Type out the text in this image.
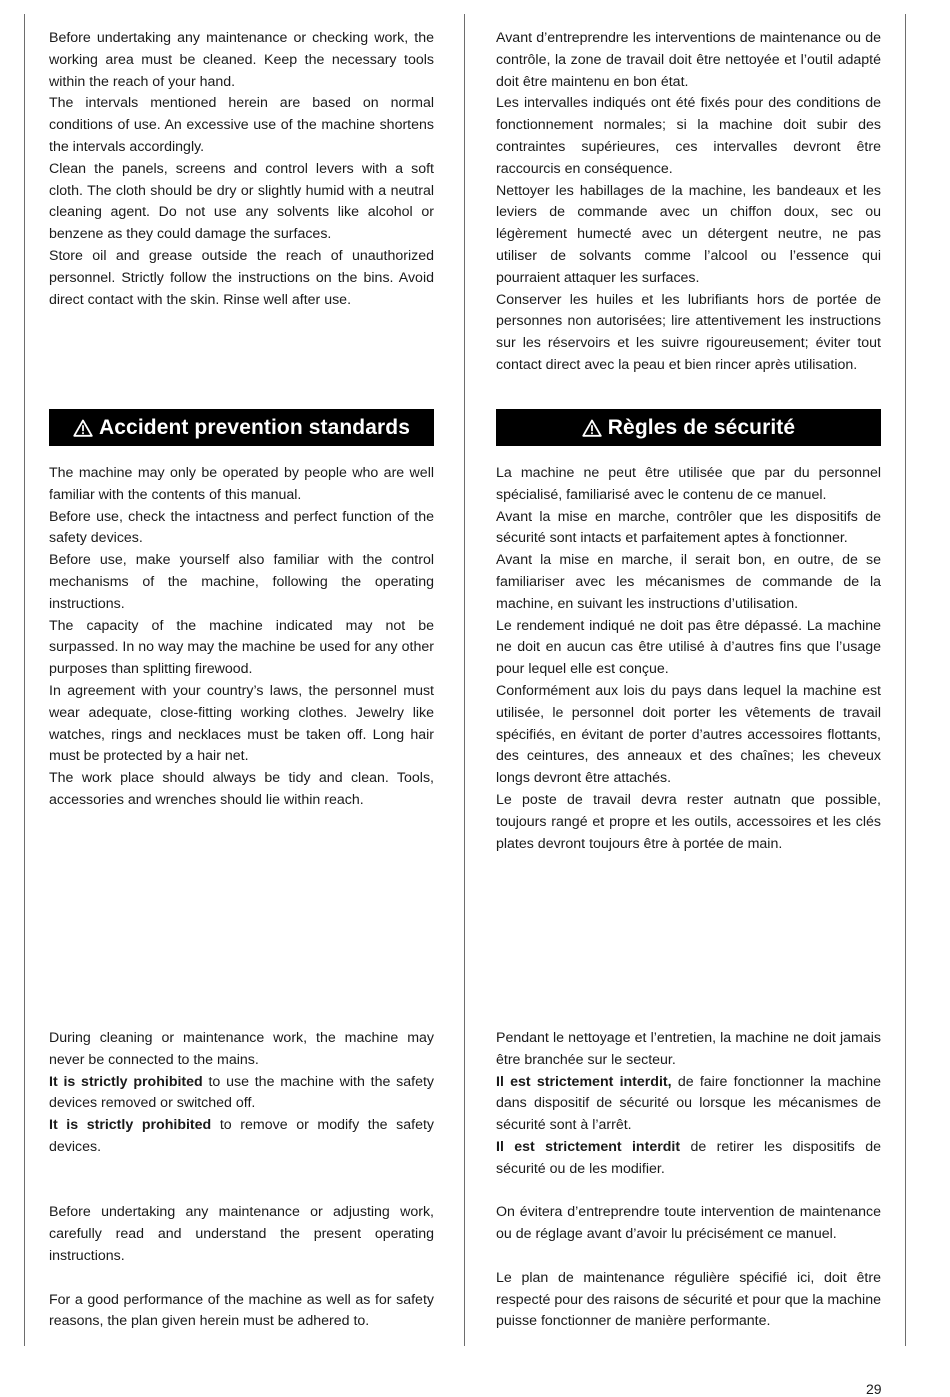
Before undertaking any maintenance or checking work, the working area must be cleaned. Keep the necessary tools within the reach of your hand.

The intervals mentioned herein are based on normal conditions of use. An excessive use of the machine shortens the intervals accordingly.

Clean the panels, screens and control levers with a soft cloth. The cloth should be dry or slightly humid with a neutral cleaning agent. Do not use any solvents like alcohol or benzene as they could damage the surfaces.

Store oil and grease outside the reach of unauthorized personnel. Strictly follow the instructions on the bins. Avoid direct contact with the skin. Rinse well after use.

Accident prevention standards

The machine may only be operated by people who are well familiar with the contents of this manual.

Before use, check the intactness and perfect function of the safety devices.

Before use, make yourself also familiar with the control mechanisms of the machine, following the operating instructions.

The capacity of the machine indicated may not be surpassed. In no way may the machine be used for any other purposes than splitting firewood.

In agreement with your country’s laws, the personnel must wear adequate, close-fitting working clothes. Jewelry like watches, rings and necklaces must be taken off. Long hair must be protected by a hair net.

The work place should always be tidy and clean. Tools, accessories and wrenches should lie within reach.

During cleaning or maintenance work, the machine may never be connected to the mains.

It is strictly prohibited to use the machine with the safety devices removed or switched off.

It is strictly prohibited to remove or modify the safety devices.

Before undertaking any maintenance or adjusting work, carefully read and understand the present operating instructions.

For a good performance of the machine as well as for safety reasons, the plan given herein must be adhered to.

Avant d’entreprendre les interventions de maintenance ou de contrôle, la zone de travail doit être nettoyée et l’outil adapté doit être maintenu en bon état.

Les intervalles indiqués ont été fixés pour des conditions de fonctionnement normales; si la machine doit subir des contraintes supérieures, ces intervalles devront être raccourcis en conséquence.

Nettoyer les habillages de la machine, les bandeaux et les leviers de commande avec un chiffon doux, sec ou légèrement humecté avec un détergent neutre, ne pas utiliser de solvants comme l’alcool ou l’essence qui pourraient attaquer les surfaces.

Conserver les huiles et les lubrifiants hors de portée de personnes non autorisées; lire attentivement les instructions sur les réservoirs et les suivre rigoureusement; éviter tout contact direct avec la peau et bien rincer après utilisation.

Règles de sécurité

La machine ne peut être utilisée que par du personnel spécialisé, familiarisé avec le contenu de ce manuel.

Avant la mise en marche, contrôler que les dispositifs de sécurité sont intacts et parfaitement aptes à fonctionner.

Avant la mise en marche, il serait bon, en outre, de se familiariser avec les mécanismes de commande de la machine, en suivant les instructions d’utilisation.

Le rendement indiqué ne doit pas être dépassé. La machine ne doit en aucun cas être utilisé à d’autres fins que l’usage pour lequel elle est conçue.

Conformément aux lois du pays dans lequel la machine est utilisée, le personnel doit porter les vêtements de travail spécifiés, en évitant de porter d’autres accessoires flottants, des ceintures, des anneaux et des chaînes; les cheveux longs devront être attachés.

Le poste de travail devra rester autnatn que possible, toujours rangé et propre et les outils, accessoires et les clés plates devront toujours être à portée de main.

Pendant le nettoyage et l’entretien, la machine ne doit jamais être branchée sur le secteur.

Il est strictement interdit, de faire fonctionner la machine dans dispositif de sécurité ou lorsque les mécanismes de sécurité sont à l’arrêt.

Il est strictement interdit de retirer les dispositifs de sécurité ou de les modifier.

On évitera d’entreprendre toute intervention de maintenance ou de réglage avant d’avoir lu précisément ce manuel.

Le plan de maintenance régulière spécifié ici, doit être respecté pour des raisons de sécurité et pour que la machine puisse fonctionner de manière performante.

29
